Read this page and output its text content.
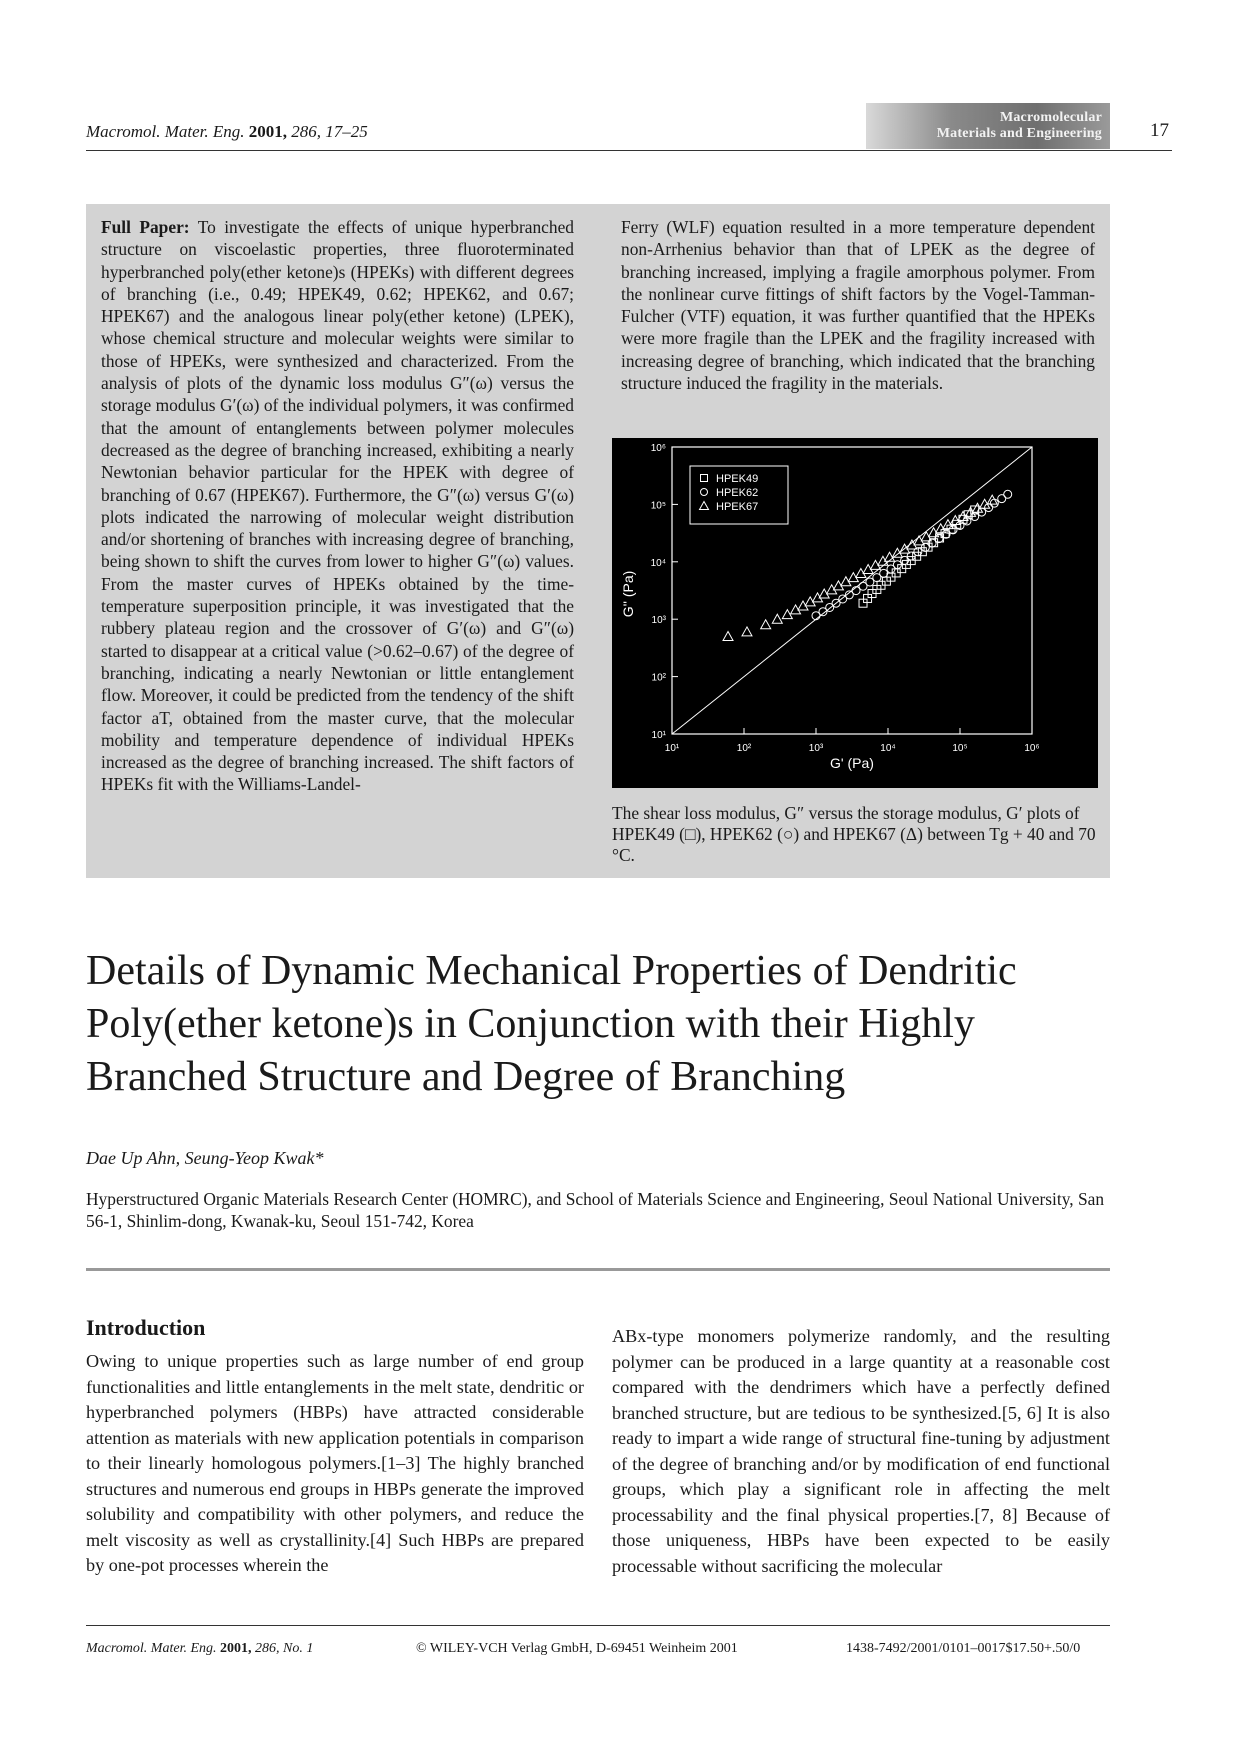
Macromol. Mater. Eng. 2001, 286, 17–25
Macromolecular
Materials and Engineering	17
Full Paper: To investigate the effects of unique hyperbranched structure on viscoelastic properties, three fluoroterminated hyperbranched poly(ether ketone)s (HPEKs) with different degrees of branching (i.e., 0.49; HPEK49, 0.62; HPEK62, and 0.67; HPEK67) and the analogous linear poly(ether ketone) (LPEK), whose chemical structure and molecular weights were similar to those of HPEKs, were synthesized and characterized. From the analysis of plots of the dynamic loss modulus G″(ω) versus the storage modulus G′(ω) of the individual polymers, it was confirmed that the amount of entanglements between polymer molecules decreased as the degree of branching increased, exhibiting a nearly Newtonian behavior particular for the HPEK with degree of branching of 0.67 (HPEK67). Furthermore, the G″(ω) versus G′(ω) plots indicated the narrowing of molecular weight distribution and/or shortening of branches with increasing degree of branching, being shown to shift the curves from lower to higher G″(ω) values. From the master curves of HPEKs obtained by the time-temperature superposition principle, it was investigated that the rubbery plateau region and the crossover of G′(ω) and G″(ω) started to disappear at a critical value (>0.62–0.67) of the degree of branching, indicating a nearly Newtonian or little entanglement flow. Moreover, it could be predicted from the tendency of the shift factor aT, obtained from the master curve, that the molecular mobility and temperature dependence of individual HPEKs increased as the degree of branching increased. The shift factors of HPEKs fit with the Williams-Landel-
Ferry (WLF) equation resulted in a more temperature dependent non-Arrhenius behavior than that of LPEK as the degree of branching increased, implying a fragile amorphous polymer. From the nonlinear curve fittings of shift factors by the Vogel-Tamman-Fulcher (VTF) equation, it was further quantified that the HPEKs were more fragile than the LPEK and the fragility increased with increasing degree of branching, which indicated that the branching structure induced the fragility in the materials.
G'' (Pa)
G' (Pa)
10¹
10¹
10²
10²
10³
10³
10⁴
10⁴
10⁵
10⁵
10⁶
10⁶
HPEK49
HPEK62
HPEK67
The shear loss modulus, G″ versus the storage modulus, G′ plots of HPEK49 (□), HPEK62 (○) and HPEK67 (Δ) between Tg + 40 and 70 °C.
Details of Dynamic Mechanical Properties of Dendritic
Poly(ether ketone)s in Conjunction with their Highly
Branched Structure and Degree of Branching
Dae Up Ahn, Seung-Yeop Kwak*
Hyperstructured Organic Materials Research Center (HOMRC), and School of Materials Science and Engineering, Seoul National University, San 56-1, Shinlim-dong, Kwanak-ku, Seoul 151-742, Korea
Introduction
Owing to unique properties such as large number of end group functionalities and little entanglements in the melt state, dendritic or hyperbranched polymers (HBPs) have attracted considerable attention as materials with new application potentials in comparison to their linearly homologous polymers.[1–3] The highly branched structures and numerous end groups in HBPs generate the improved solubility and compatibility with other polymers, and reduce the melt viscosity as well as crystallinity.[4] Such HBPs are prepared by one-pot processes wherein the
ABx-type monomers polymerize randomly, and the resulting polymer can be produced in a large quantity at a reasonable cost compared with the dendrimers which have a perfectly defined branched structure, but are tedious to be synthesized.[5, 6] It is also ready to impart a wide range of structural fine-tuning by adjustment of the degree of branching and/or by modification of end functional groups, which play a significant role in affecting the melt processability and the final physical properties.[7, 8] Because of those uniqueness, HBPs have been expected to be easily processable without sacrificing the molecular
Macromol. Mater. Eng. 2001, 286, No. 1	© WILEY-VCH Verlag GmbH, D-69451 Weinheim 2001	1438-7492/2001/0101–0017$17.50+.50/0
